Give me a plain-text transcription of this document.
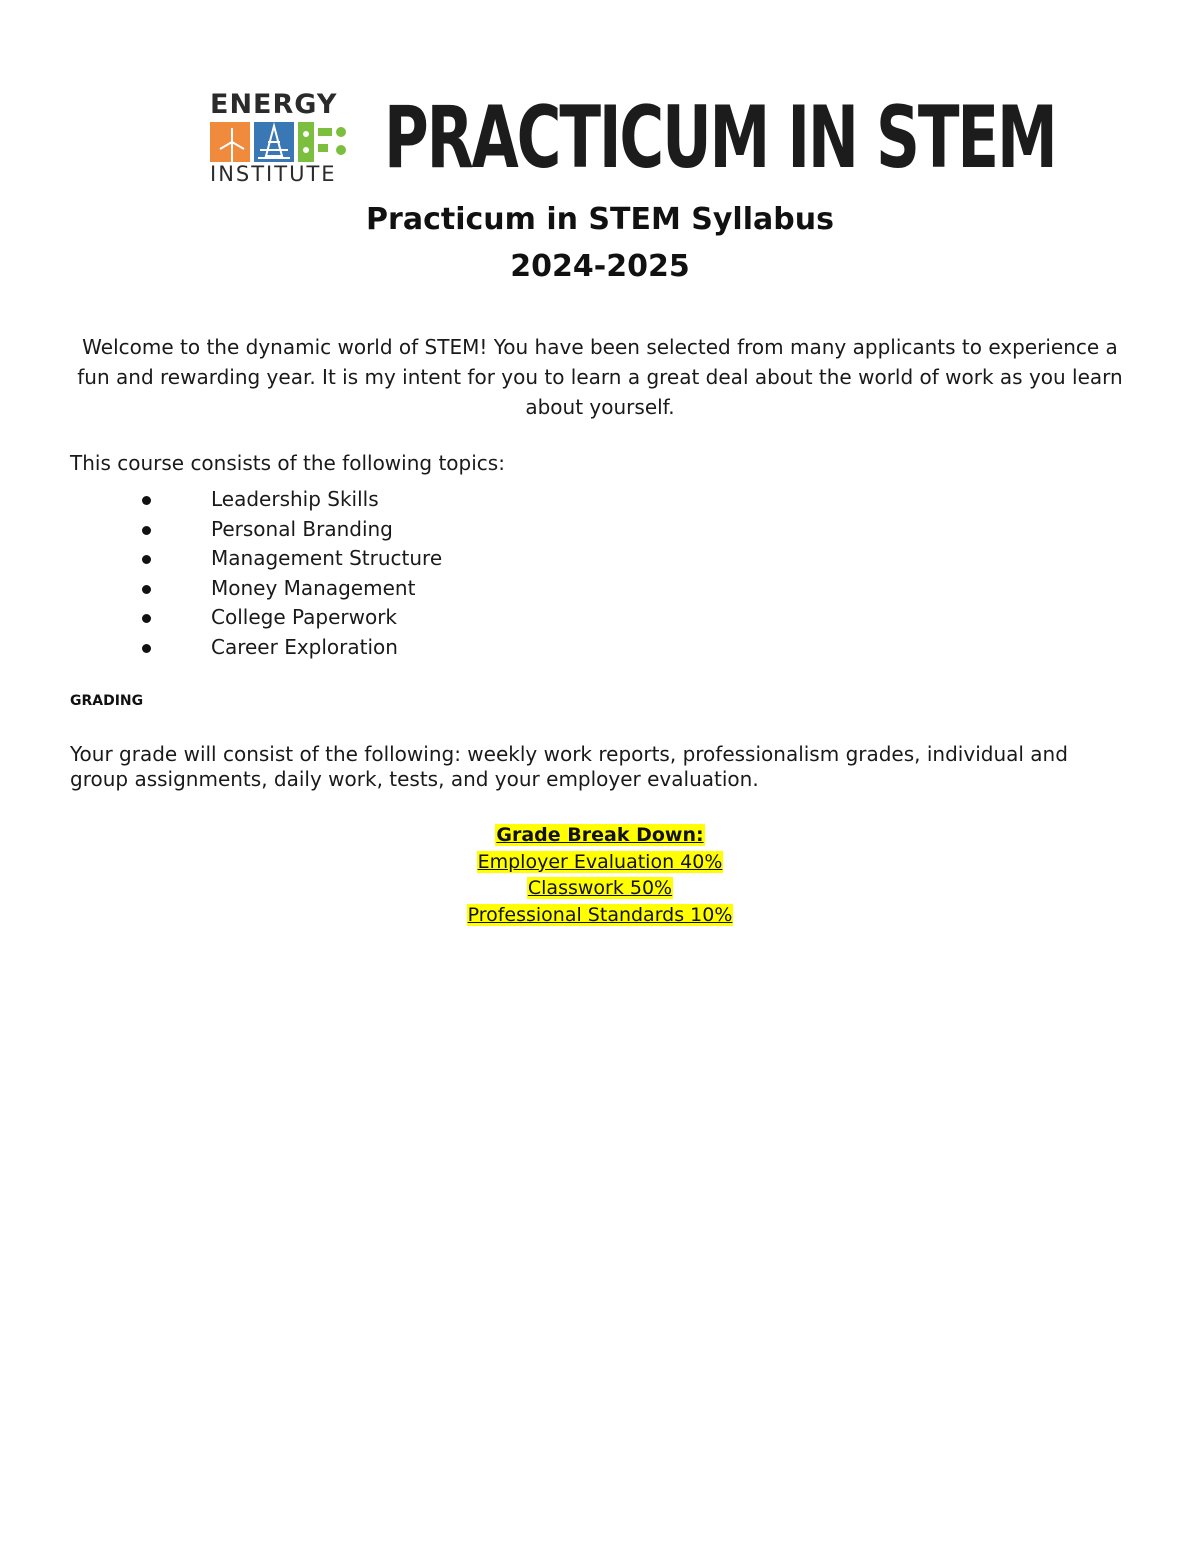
ENERGY
INSTITUTE PRACTICUM IN STEM
Practicum in STEM Syllabus
2024-2025
Welcome to the dynamic world of STEM! You have been selected from many applicants to experience a fun and rewarding year. It is my intent for you to learn a great deal about the world of work as you learn about yourself.
This course consists of the following topics:
Leadership Skills
Personal Branding
Management Structure
Money Management
College Paperwork
Career Exploration
GRADING
Your grade will consist of the following: weekly work reports, professionalism grades, individual and group assignments, daily work, tests, and your employer evaluation.
Grade Break Down:
Employer Evaluation 40%
Classwork 50%
Professional Standards 10%
